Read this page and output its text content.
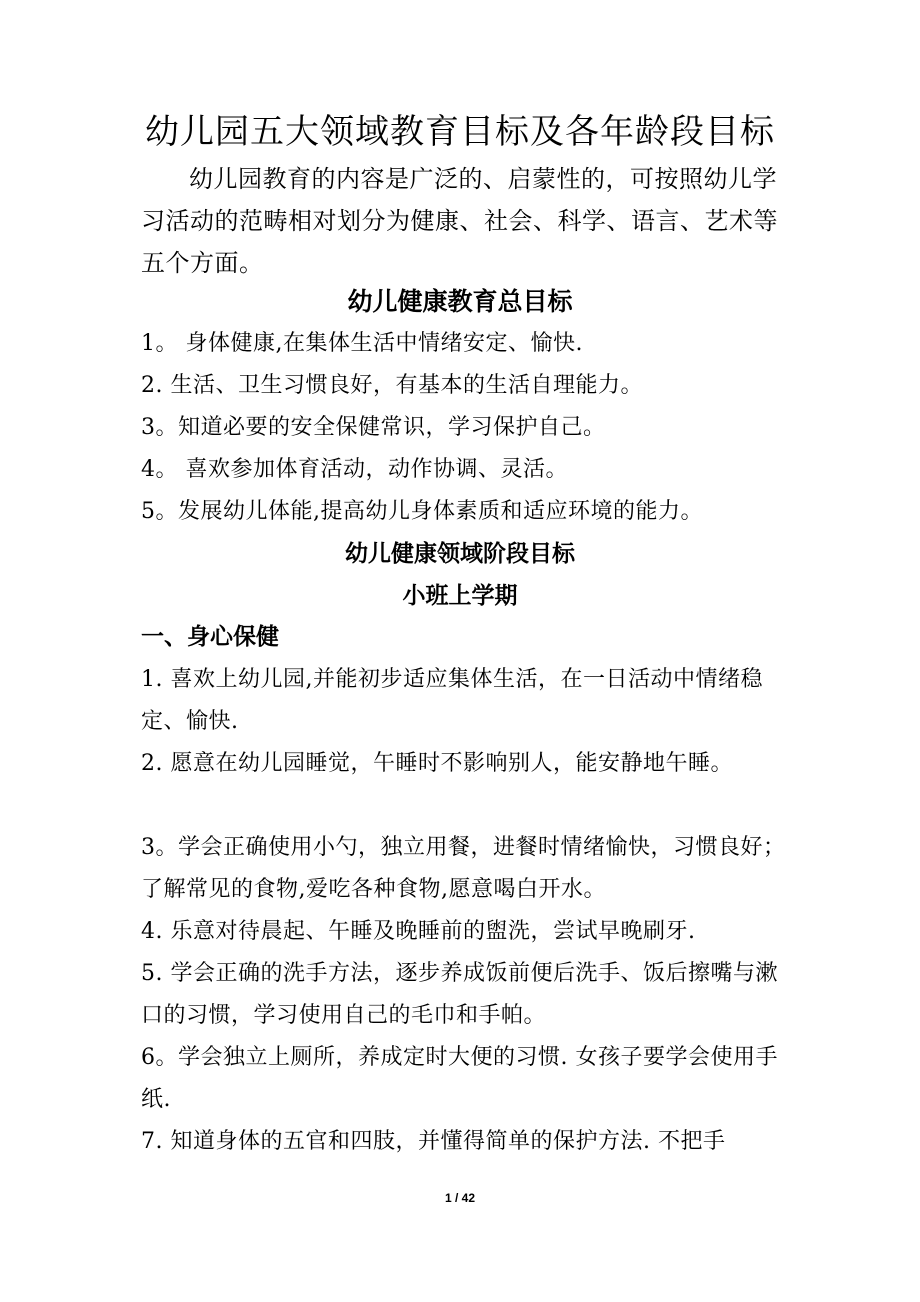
幼儿园五大领域教育目标及各年龄段目标

幼儿园教育的内容是广泛的、启蒙性的，可按照幼儿学习活动的范畴相对划分为健康、社会、科学、语言、艺术等五个方面。

幼儿健康教育总目标

1。 身体健康,在集体生活中情绪安定、愉快.

2. 生活、卫生习惯良好，有基本的生活自理能力。

3。知道必要的安全保健常识，学习保护自己。

4。 喜欢参加体育活动，动作协调、灵活。

5。发展幼儿体能,提高幼儿身体素质和适应环境的能力。

幼儿健康领域阶段目标
小班上学期
一、身心保健

1. 喜欢上幼儿园,并能初步适应集体生活，在一日活动中情绪稳定、愉快.

2. 愿意在幼儿园睡觉，午睡时不影响别人，能安静地午睡。

3。学会正确使用小勺，独立用餐，进餐时情绪愉快，习惯良好；了解常见的食物,爱吃各种食物,愿意喝白开水。

4. 乐意对待晨起、午睡及晚睡前的盥洗，尝试早晚刷牙.

5. 学会正确的洗手方法，逐步养成饭前便后洗手、饭后擦嘴与漱口的习惯，学习使用自己的毛巾和手帕。

6。学会独立上厕所，养成定时大便的习惯. 女孩子要学会使用手纸.

7. 知道身体的五官和四肢，并懂得简单的保护方法. 不把手

1 / 42
